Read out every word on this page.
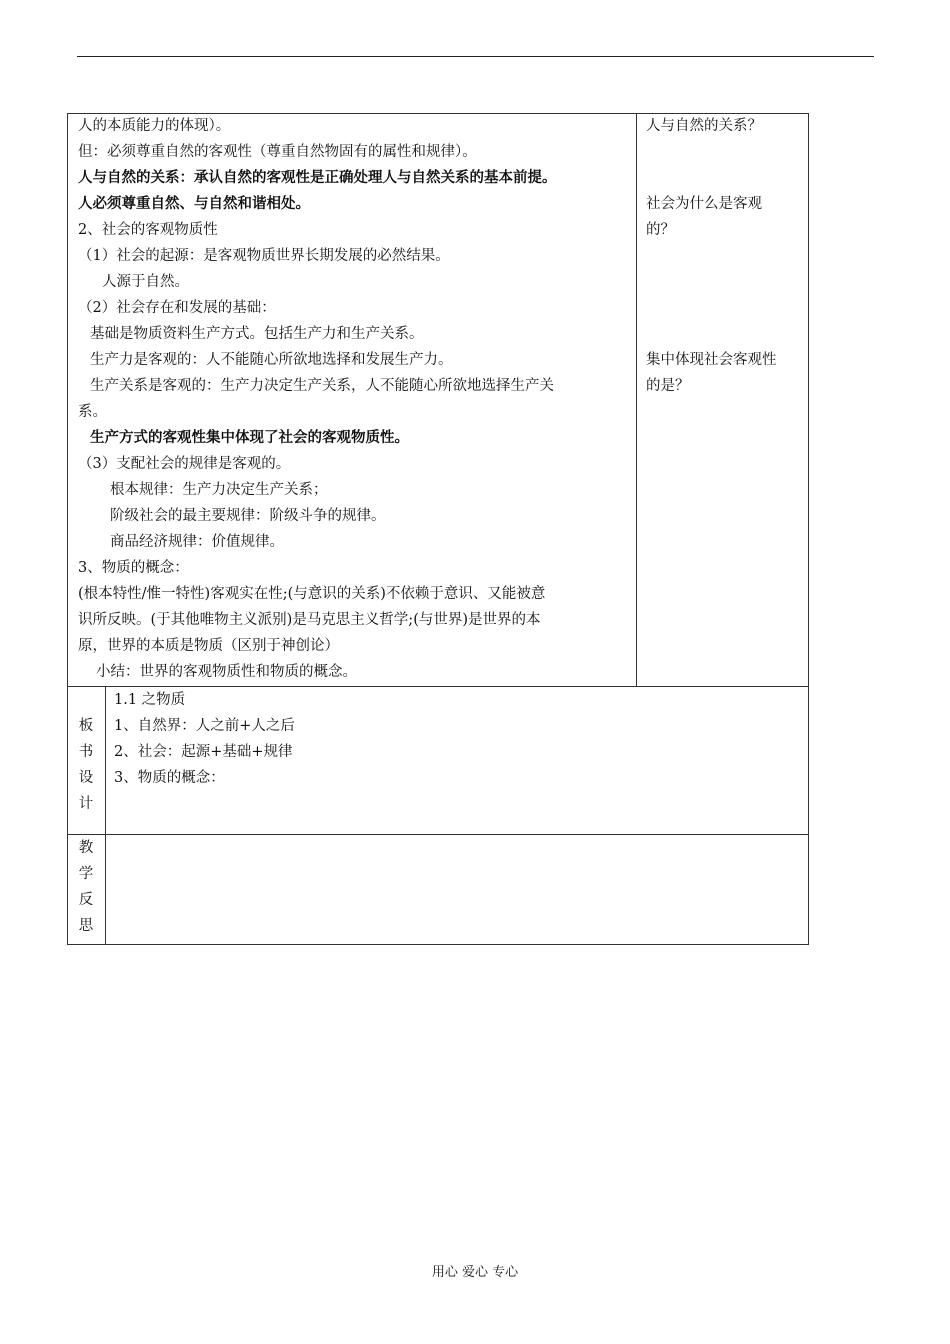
人的本质能力的体现）。
但：必须尊重自然的客观性（尊重自然物固有的属性和规律）。
人与自然的关系：承认自然的客观性是正确处理人与自然关系的基本前提。
人必须尊重自然、与自然和谐相处。
2、社会的客观物质性
（1）社会的起源：是客观物质世界长期发展的必然结果。
人源于自然。
（2）社会存在和发展的基础：
基础是物质资料生产方式。包括生产力和生产关系。
生产力是客观的：人不能随心所欲地选择和发展生产力。
生产关系是客观的：生产力决定生产关系，人不能随心所欲地选择生产关
系。
生产方式的客观性集中体现了社会的客观物质性。
（3）支配社会的规律是客观的。
根本规律：生产力决定生产关系；
阶级社会的最主要规律：阶级斗争的规律。
商品经济规律：价值规律。
3、物质的概念：
(根本特性/惟一特性)客观实在性;(与意识的关系)不依赖于意识、又能被意
识所反映。(于其他唯物主义派别)是马克思主义哲学;(与世界)是世界的本
原，世界的本质是物质（区别于神创论）
小结：世界的客观物质性和物质的概念。
人与自然的关系？
社会为什么是客观
的？
集中体现社会客观性
的是？
板
书
设
计
1.1 之物质
1、自然界：人之前+人之后
2、社会：起源+基础+规律
3、物质的概念：
教
学
反
思
用心 爱心 专心
